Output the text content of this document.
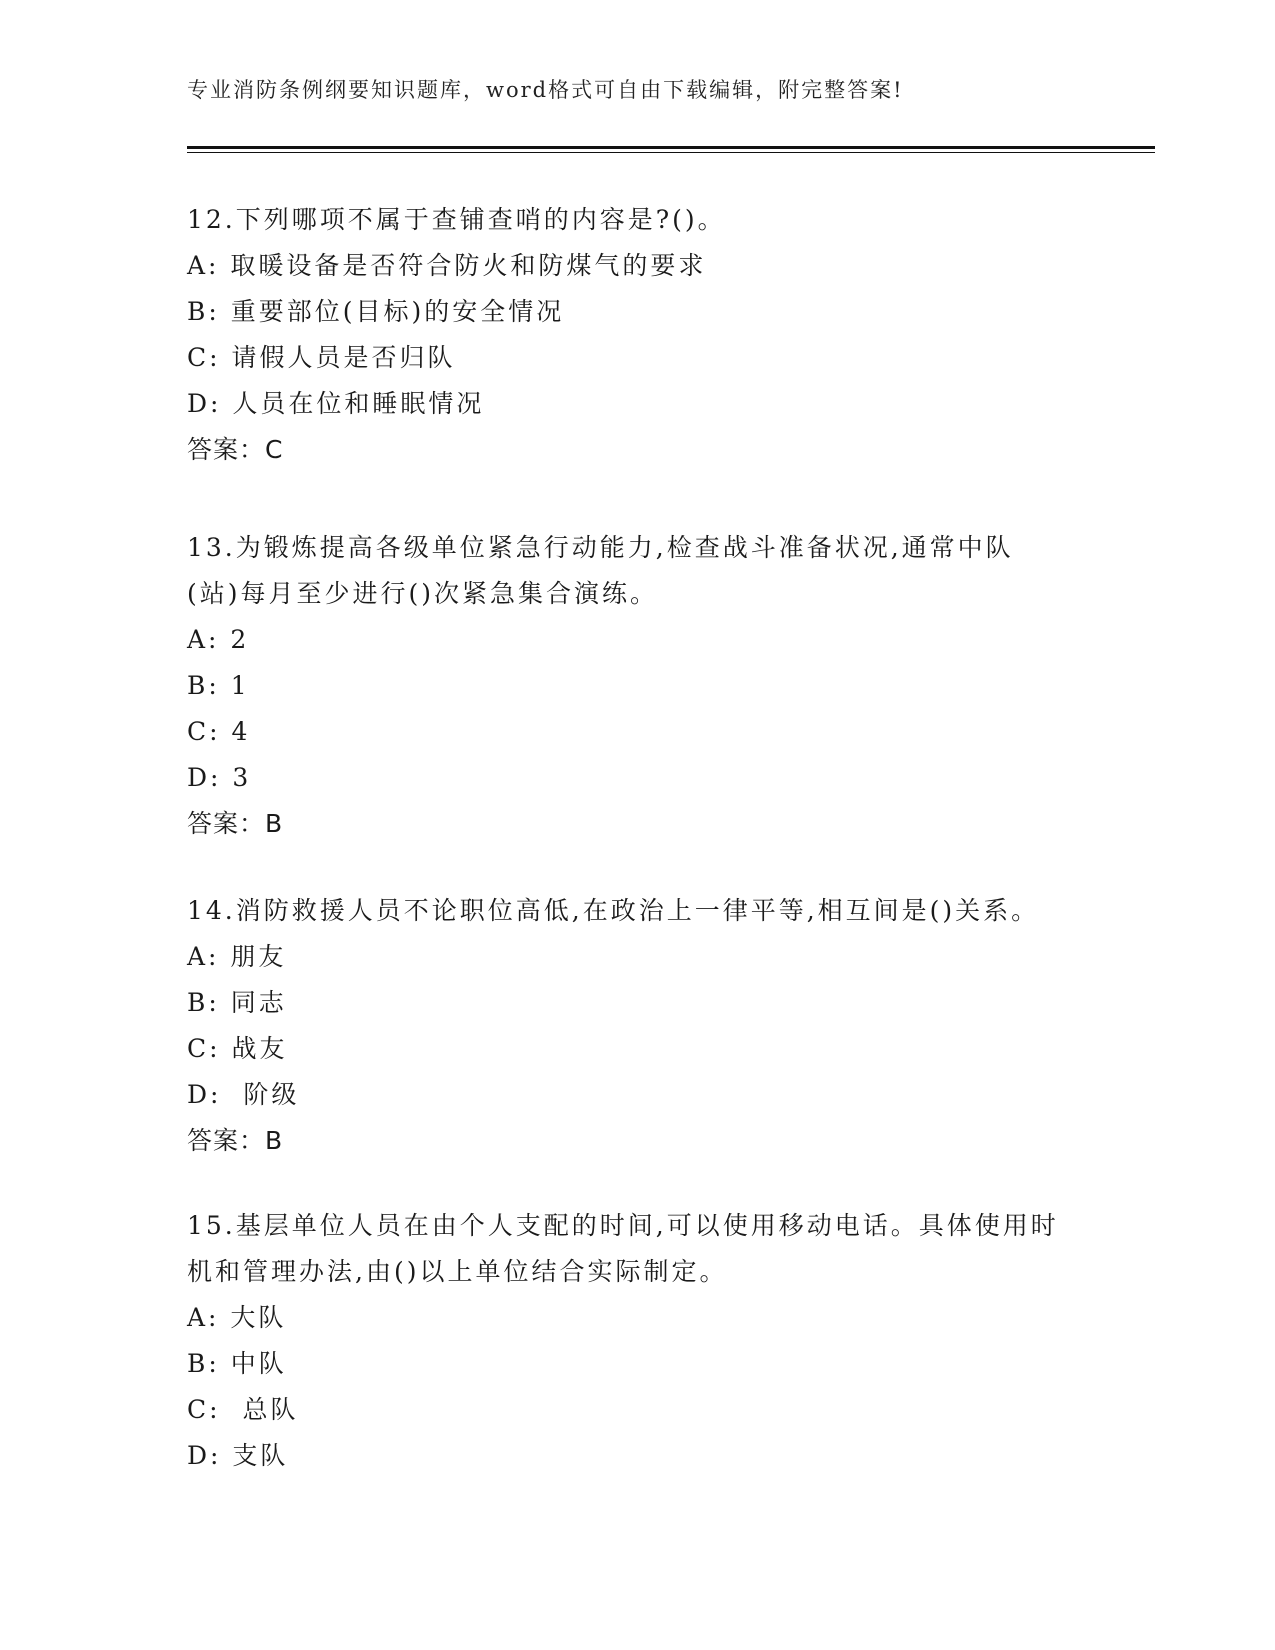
专业消防条例纲要知识题库，word格式可自由下载编辑，附完整答案!

12.下列哪项不属于查铺查哨的内容是?()。

A: 取暖设备是否符合防火和防煤气的要求

B: 重要部位(目标)的安全情况

C: 请假人员是否归队

D: 人员在位和睡眠情况

答案：C

13.为锻炼提高各级单位紧急行动能力,检查战斗准备状况,通常中队(站)每月至少进行()次紧急集合演练。

A: 2

B: 1

C: 4

D: 3

答案：B

14.消防救援人员不论职位高低,在政治上一律平等,相互间是()关系。

A: 朋友

B: 同志

C: 战友

D:  阶级

答案：B

15.基层单位人员在由个人支配的时间,可以使用移动电话。具体使用时机和管理办法,由()以上单位结合实际制定。

A: 大队

B: 中队

C:  总队

D: 支队
